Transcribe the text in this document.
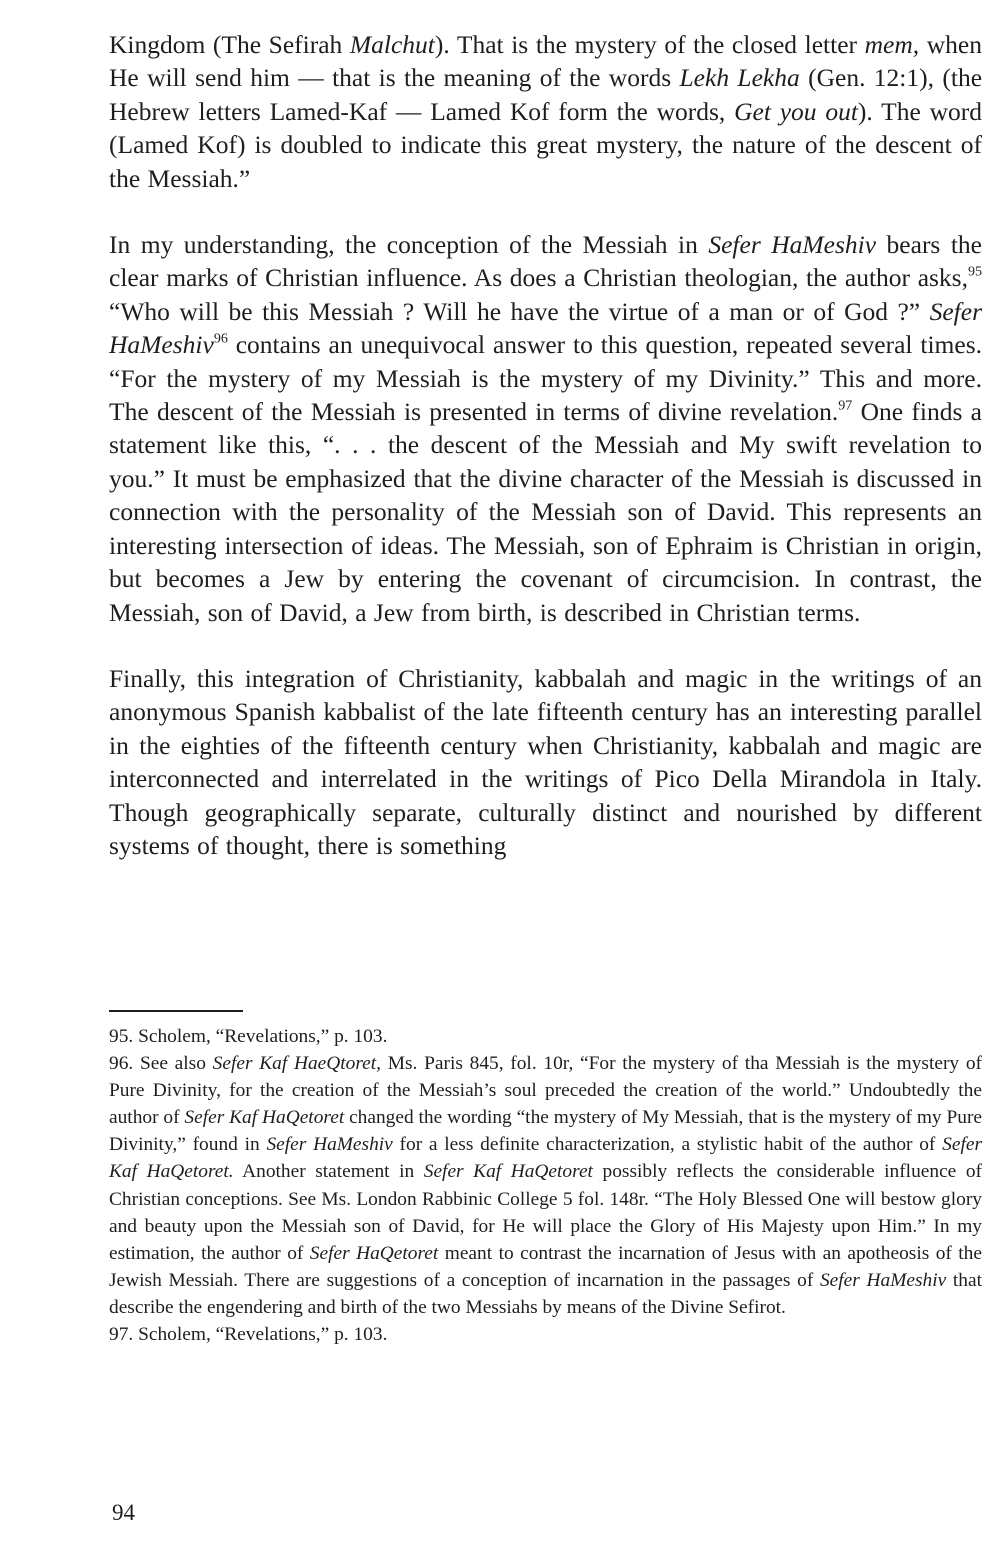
Kingdom (The Sefirah Malchut). That is the mystery of the closed letter mem, when He will send him — that is the meaning of the words Lekh Lekha (Gen. 12:1), (the Hebrew letters Lamed-Kaf — Lamed Kof form the words, Get you out). The word (Lamed Kof) is doubled to indicate this great mystery, the nature of the descent of the Messiah.”

In my understanding, the conception of the Messiah in Sefer HaMeshiv bears the clear marks of Christian influence. As does a Christian theologian, the author asks,$^{95}$ “Who will be this Messiah ? Will he have the virtue of a man or of God ?” Sefer HaMeshiv$^{96}$ contains an unequivocal answer to this question, repeated several times. “For the mystery of my Messiah is the mystery of my Divinity.” This and more. The descent of the Messiah is presented in terms of divine revelation.$^{97}$ One finds a statement like this, “. . . the descent of the Messiah and My swift revelation to you.” It must be emphasized that the divine character of the Messiah is discussed in connection with the personality of the Messiah son of David. This represents an interesting intersection of ideas. The Messiah, son of Ephraim is Christian in origin, but becomes a Jew by entering the covenant of circumcision. In contrast, the Messiah, son of David, a Jew from birth, is described in Christian terms.

Finally, this integration of Christianity, kabbalah and magic in the writings of an anonymous Spanish kabbalist of the late fifteenth century has an interesting parallel in the eighties of the fifteenth century when Christianity, kabbalah and magic are interconnected and interrelated in the writings of Pico Della Mirandola in Italy. Though geographically separate, culturally distinct and nourished by different systems of thought, there is something

95. Scholem, “Revelations,” p. 103.

96. See also Sefer Kaf HaeQtoret, Ms. Paris 845, fol. 10r, “For the mystery of tha Messiah is the mystery of Pure Divinity, for the creation of the Messiah’s soul preceded the creation of the world.” Undoubtedly the author of Sefer Kaf HaQetoret changed the wording “the mystery of My Messiah, that is the mystery of my Pure Divinity,” found in Sefer HaMeshiv for a less definite characterization, a stylistic habit of the author of Sefer Kaf HaQetoret. Another statement in Sefer Kaf HaQetoret possibly reflects the considerable influence of Christian conceptions. See Ms. London Rabbinic College 5 fol. 148r. “The Holy Blessed One will bestow glory and beauty upon the Messiah son of David, for He will place the Glory of His Majesty upon Him.” In my estimation, the author of Sefer HaQetoret meant to contrast the incarnation of Jesus with an apotheosis of the Jewish Messiah. There are suggestions of a conception of incarnation in the passages of Sefer HaMeshiv that describe the engendering and birth of the two Messiahs by means of the Divine Sefirot.

97. Scholem, “Revelations,” p. 103.

94
